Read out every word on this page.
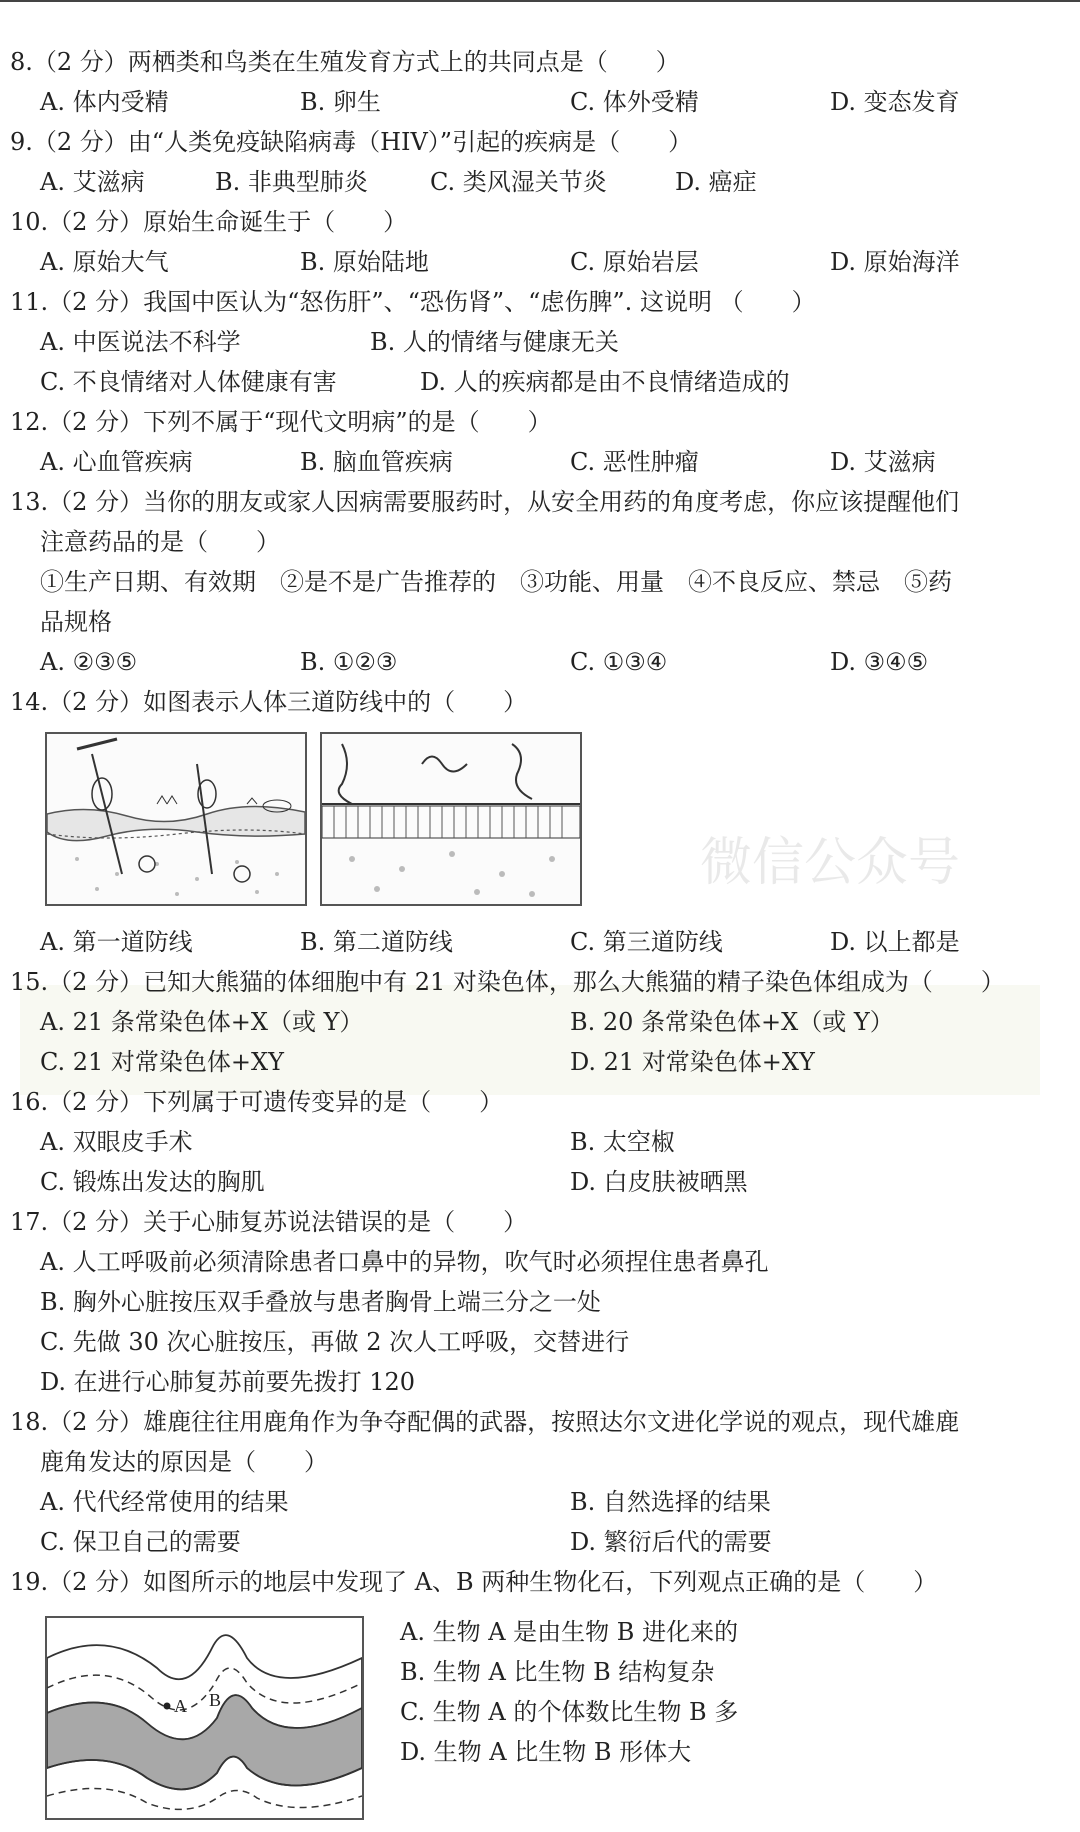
微信公众号
8.（2 分）两栖类和鸟类在生殖发育方式上的共同点是（　　）
A. 体内受精	B. 卵生	C. 体外受精	D. 变态发育
9.（2 分）由“人类免疫缺陷病毒（HIV）”引起的疾病是（　　）
A. 艾滋病	B. 非典型肺炎	C. 类风湿关节炎	D. 癌症
10.（2 分）原始生命诞生于（　　）
A. 原始大气	B. 原始陆地	C. 原始岩层	D. 原始海洋
11.（2 分）我国中医认为“怒伤肝”、“恐伤肾”、“虑伤脾”. 这说明 （　　）
A. 中医说法不科学	B. 人的情绪与健康无关
C. 不良情绪对人体健康有害	D. 人的疾病都是由不良情绪造成的
12.（2 分）下列不属于“现代文明病”的是（　　）
A. 心血管疾病	B. 脑血管疾病	C. 恶性肿瘤	D. 艾滋病
13.（2 分）当你的朋友或家人因病需要服药时，从安全用药的角度考虑，你应该提醒他们
注意药品的是（　　）
①生产日期、有效期　②是不是广告推荐的　③功能、用量　④不良反应、禁忌　⑤药
品规格
A. ②③⑤	B. ①②③	C. ①③④	D. ③④⑤
14.（2 分）如图表示人体三道防线中的（　　）
A. 第一道防线	B. 第二道防线	C. 第三道防线	D. 以上都是
15.（2 分）已知大熊猫的体细胞中有 21 对染色体，那么大熊猫的精子染色体组成为（　　）
A. 21 条常染色体+X（或 Y）	B. 20 条常染色体+X（或 Y）
C. 21 对常染色体+XY	D. 21 对常染色体+XY
16.（2 分）下列属于可遗传变异的是（　　）
A. 双眼皮手术	B. 太空椒
C. 锻炼出发达的胸肌	D. 白皮肤被晒黑
17.（2 分）关于心肺复苏说法错误的是（　　）
A. 人工呼吸前必须清除患者口鼻中的异物，吹气时必须捏住患者鼻孔
B. 胸外心脏按压双手叠放与患者胸骨上端三分之一处
C. 先做 30 次心脏按压，再做 2 次人工呼吸，交替进行
D. 在进行心肺复苏前要先拨打 120
18.（2 分）雄鹿往往用鹿角作为争夺配偶的武器，按照达尔文进化学说的观点，现代雄鹿
鹿角发达的原因是（　　）
A. 代代经常使用的结果	B. 自然选择的结果
C. 保卫自己的需要	D. 繁衍后代的需要
19.（2 分）如图所示的地层中发现了 A、B 两种生物化石，下列观点正确的是（　　）
A B
A. 生物 A 是由生物 B 进化来的
B. 生物 A 比生物 B 结构复杂
C. 生物 A 的个体数比生物 B 多
D. 生物 A 比生物 B 形体大
